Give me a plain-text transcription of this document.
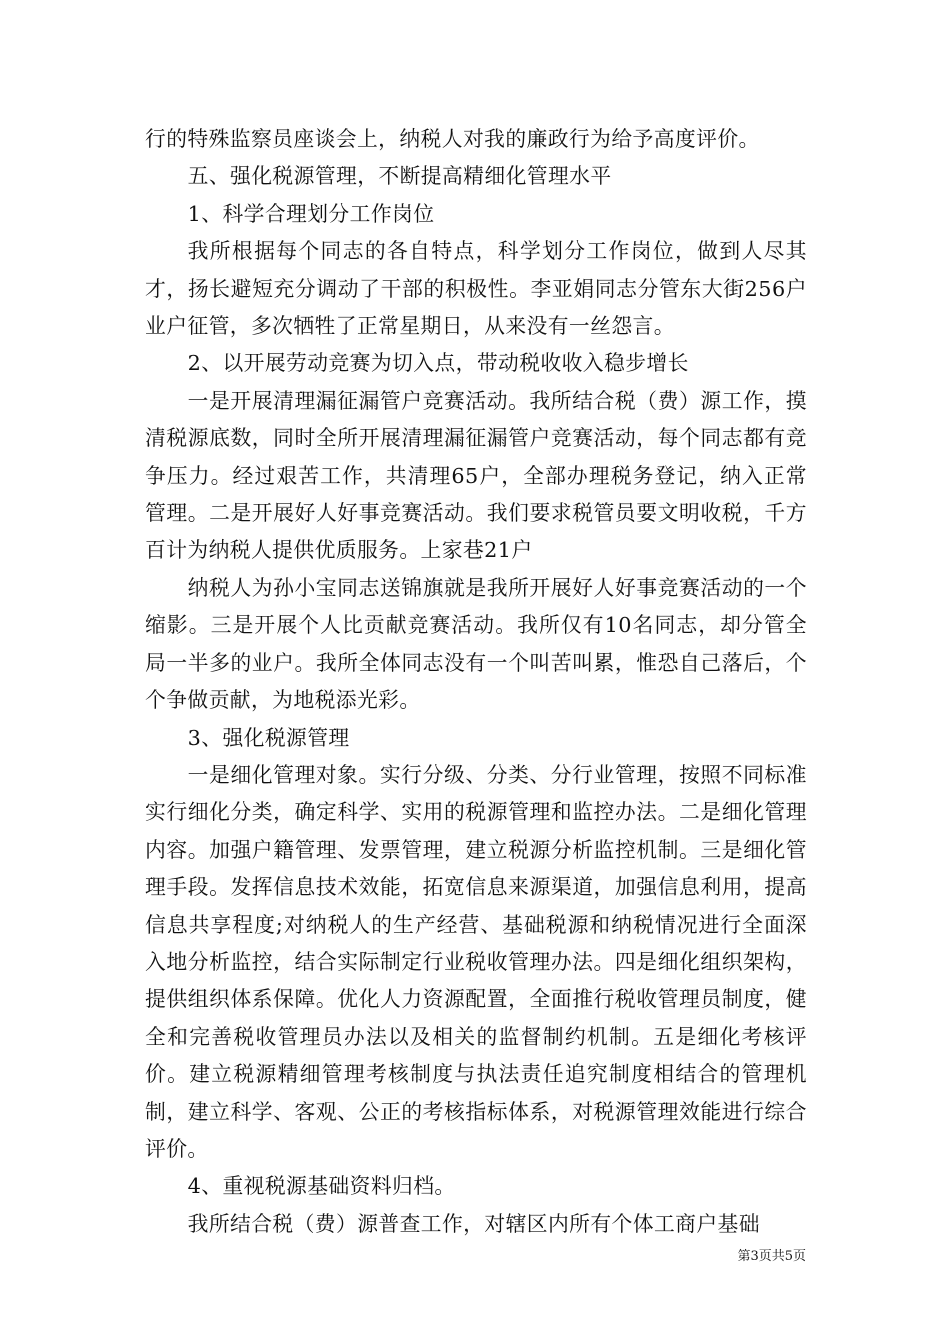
行的特殊监察员座谈会上，纳税人对我的廉政行为给予高度评价。

五、强化税源管理，不断提高精细化管理水平

1、科学合理划分工作岗位

我所根据每个同志的各自特点，科学划分工作岗位，做到人尽其才，扬长避短充分调动了干部的积极性。李亚娟同志分管东大街256户业户征管，多次牺牲了正常星期日，从来没有一丝怨言。

2、以开展劳动竞赛为切入点，带动税收收入稳步增长

一是开展清理漏征漏管户竞赛活动。我所结合税（费）源工作，摸清税源底数，同时全所开展清理漏征漏管户竞赛活动，每个同志都有竞争压力。经过艰苦工作，共清理65户，全部办理税务登记，纳入正常管理。二是开展好人好事竞赛活动。我们要求税管员要文明收税，千方百计为纳税人提供优质服务。上家巷21户

纳税人为孙小宝同志送锦旗就是我所开展好人好事竞赛活动的一个缩影。三是开展个人比贡献竞赛活动。我所仅有10名同志，却分管全局一半多的业户。我所全体同志没有一个叫苦叫累，惟恐自己落后，个个争做贡献，为地税添光彩。

3、强化税源管理

一是细化管理对象。实行分级、分类、分行业管理，按照不同标准实行细化分类，确定科学、实用的税源管理和监控办法。二是细化管理内容。加强户籍管理、发票管理，建立税源分析监控机制。三是细化管理手段。发挥信息技术效能，拓宽信息来源渠道，加强信息利用，提高信息共享程度;对纳税人的生产经营、基础税源和纳税情况进行全面深入地分析监控，结合实际制定行业税收管理办法。四是细化组织架构，提供组织体系保障。优化人力资源配置，全面推行税收管理员制度，健全和完善税收管理员办法以及相关的监督制约机制。五是细化考核评价。建立税源精细管理考核制度与执法责任追究制度相结合的管理机制，建立科学、客观、公正的考核指标体系，对税源管理效能进行综合评价。

4、重视税源基础资料归档。

我所结合税（费）源普查工作，对辖区内所有个体工商户基础

第3页共5页
